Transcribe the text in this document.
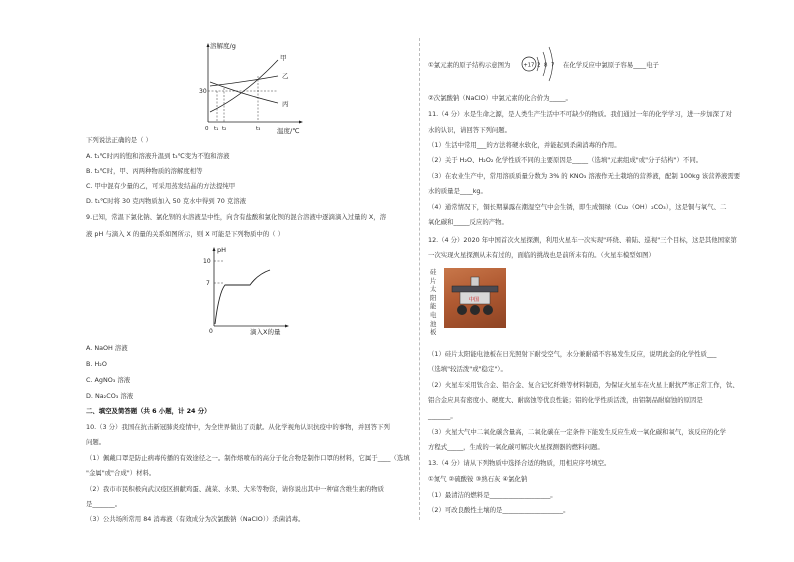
溶解度/g
温度/℃
30
甲
乙
丙
0 t₁ t₂	t₃
下列说法正确的是（ ）
A. t₁℃时丙的饱和溶液升温到 t₃℃变为不饱和溶液
B. t₂℃时，甲、丙两种物质的溶解度相等
C. 甲中混有少量的乙，可采用蒸发结晶的方法提纯甲
D. t₁℃时将 30 克丙物质加入 50 克水中得到 70 克溶液
9.已知，常温下氯化钠、氯化钡的水溶液呈中性，向含有盐酸和氯化钡的混合溶液中逐滴滴入过量的 X，溶
液 pH 与滴入 X 的量的关系如图所示，则 X 可能是下列物质中的（ ）
pH
10
7
0	滴入X的量
A. NaOH 溶液
B. H₂O
C. AgNO₃ 溶液
D. Na₂CO₃ 溶液
二、填空及简答题（共 6 小题，计 24 分）
10.（3 分）我国在抗击新冠肺炎疫情中，为全世界做出了贡献。从化学视角认识抗疫中的事物，并回答下列
问题。
（1）佩戴口罩是防止病毒传播的有效途径之一。制作熔喷布的高分子化合物是制作口罩的材料，它属于____（选填
"金属"或"合成"）材料。
（2）我市市民积极向武汉疫区捐献鸡蛋、蔬菜、水果、大米等物资，请你说出其中一种富含维生素的物质
是_______。
（3）公共场所常用 84 消毒液（有效成分为次氯酸钠（NaClO））杀菌消毒。
①氯元素的原子结构示意图为 +17 2 8 7 在化学反应中氯原子容易____电子
②次氯酸钠（NaClO）中氯元素的化合价为_____。
11.（4 分）水是生命之源，是人类生产生活中不可缺少的物质。我们通过一年的化学学习，进一步加深了对
水的认识，请回答下列问题。
（1）生活中常用___的方法将硬水软化，并能起到杀菌消毒的作用。
（2）关于 H₂O、H₂O₂ 化学性质不同的主要原因是_____（选填"元素组成"或"分子结构"）不同。
（3）在农业生产中，常用溶质质量分数为 3% 的 KNO₃ 溶液作无土栽培的营养液，配制 100kg 该营养液需要
水的质量是____kg。
（4）通常情况下，铜长期暴露在潮湿空气中会生锈，即生成铜绿（Cu₂（OH）₂CO₃），这是铜与氧气、二
氧化碳和_____反应的产物。
12.（4 分）2020 年中国首次火星探测，利用火星车一次实现"环绕、着陆、巡视"三个目标，这是其他国家第
一次实现火星探测从未有过的，面临的挑战也是前所未有的。（火星车模型如图）
硅片太阳能电池板
中国
（1）硅片太阳能电池板在日光照射下耐受空气，水分兼耐硝不容易发生反应，说明此金的化学性质___
（选填"较活泼"或"稳定"）。
（2）火星车采用钛合金、铝合金、复合记忆纤维等材料制造，为保证火星车在火星上耐抗严寒正常工作，钛、
铝合金应具有密度小、硬度大、耐腐蚀等优良性能；铝的化学性质活泼，由铝制品耐腐蚀的原因是
_______。
（3）火星大气中二氧化碳含量高，二氧化碳在一定条件下能发生反应生成一氧化碳和氧气，该反应的化学
方程式_____，生成的一氧化碳可解决火星探测器的燃料问题。
13.（4 分）请从下列物质中选择合适的物质，用相应序号填空。
①氮气 ②硫酸铵 ③熟石灰 ④氯化钠
（1）最清洁的燃料是___________________。
（2）可改良酸性土壤的是___________________。
